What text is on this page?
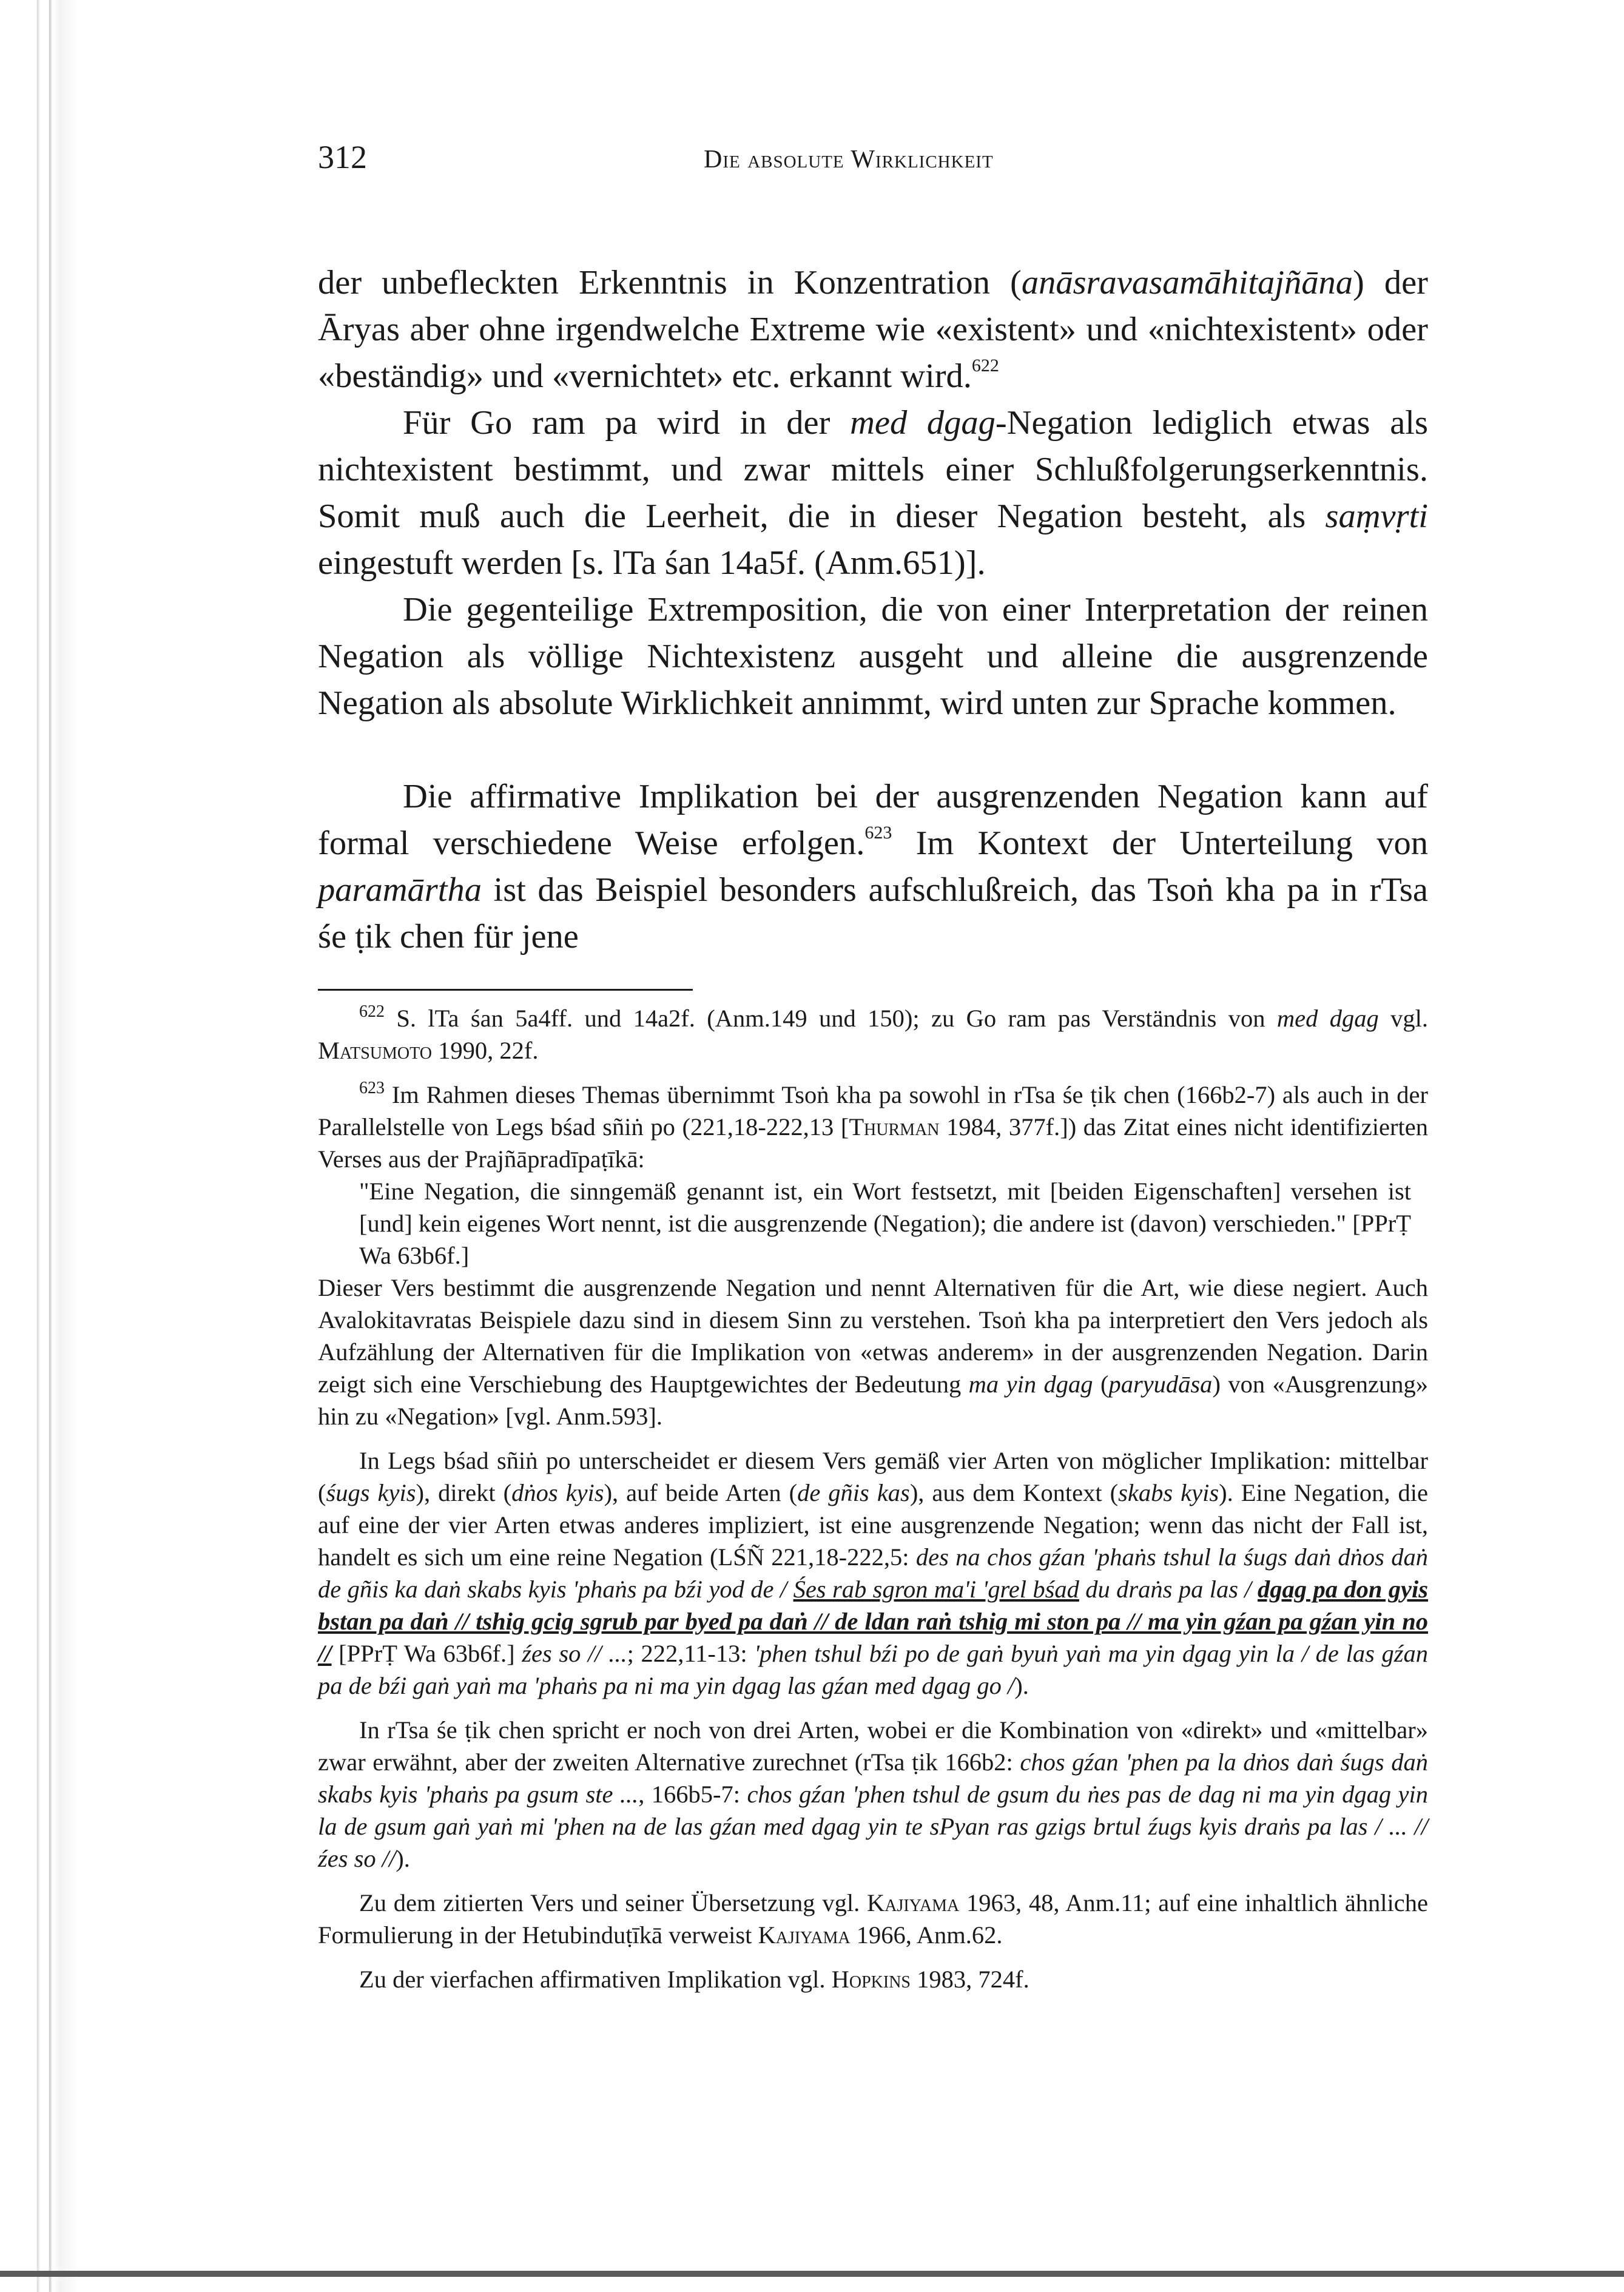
312	Die absolute Wirklichkeit

der unbefleckten Erkenntnis in Konzentration (anāsravasamāhitajñāna) der Āryas aber ohne irgendwelche Extreme wie «existent» und «nichtexistent» oder «beständig» und «vernichtet» etc. erkannt wird.$^{622}$

Für Go ram pa wird in der med dgag-Negation lediglich etwas als nichtexistent bestimmt, und zwar mittels einer Schlußfolgerungserkenntnis. Somit muß auch die Leerheit, die in dieser Negation besteht, als saṃvṛti eingestuft werden [s. lTa śan 14a5f. (Anm.651)].

Die gegenteilige Extremposition, die von einer Interpretation der reinen Negation als völlige Nichtexistenz ausgeht und alleine die ausgrenzende Negation als absolute Wirklichkeit annimmt, wird unten zur Sprache kommen.

Die affirmative Implikation bei der ausgrenzenden Negation kann auf formal verschiedene Weise erfolgen.$^{623}$ Im Kontext der Unterteilung von paramārtha ist das Beispiel besonders aufschlußreich, das Tsoṅ kha pa in rTsa śe ṭik chen für jene

$^{622}$ S. lTa śan 5a4ff. und 14a2f. (Anm.149 und 150); zu Go ram pas Verständnis von med dgag vgl. Matsumoto 1990, 22f.

$^{623}$ Im Rahmen dieses Themas übernimmt Tsoṅ kha pa sowohl in rTsa śe ṭik chen (166b2-7) als auch in der Parallelstelle von Legs bśad sñiṅ po (221,18-222,13 [Thurman 1984, 377f.]) das Zitat eines nicht identifizierten Verses aus der Prajñāpradīpaṭīkā:

"Eine Negation, die sinngemäß genannt ist, ein Wort festsetzt, mit [beiden Eigenschaften] versehen ist [und] kein eigenes Wort nennt, ist die ausgrenzende (Negation); die andere ist (davon) verschieden." [PPrṬ Wa 63b6f.]

Dieser Vers bestimmt die ausgrenzende Negation und nennt Alternativen für die Art, wie diese negiert. Auch Avalokitavratas Beispiele dazu sind in diesem Sinn zu verstehen. Tsoṅ kha pa interpretiert den Vers jedoch als Aufzählung der Alternativen für die Implikation von «etwas anderem» in der ausgrenzenden Negation. Darin zeigt sich eine Verschiebung des Hauptgewichtes der Bedeutung ma yin dgag (paryudāsa) von «Ausgrenzung» hin zu «Negation» [vgl. Anm.593].

In Legs bśad sñiṅ po unterscheidet er diesem Vers gemäß vier Arten von möglicher Implikation: mittelbar (śugs kyis), direkt (dṅos kyis), auf beide Arten (de gñis kas), aus dem Kontext (skabs kyis). Eine Negation, die auf eine der vier Arten etwas anderes impliziert, ist eine ausgrenzende Negation; wenn das nicht der Fall ist, handelt es sich um eine reine Negation (LŚÑ 221,18-222,5: des na chos gźan 'phaṅs tshul la śugs daṅ dṅos daṅ de gñis ka daṅ skabs kyis 'phaṅs pa bźi yod de / Śes rab sgron ma'i 'grel bśad du draṅs pa las / dgag pa don gyis bstan pa daṅ // tshig gcig sgrub par byed pa daṅ // de ldan raṅ tshig mi ston pa // ma yin gźan pa gźan yin no // [PPrṬ Wa 63b6f.] źes so // ...; 222,11-13: 'phen tshul bźi po de gaṅ byuṅ yaṅ ma yin dgag yin la / de las gźan pa de bźi gaṅ yaṅ ma 'phaṅs pa ni ma yin dgag las gźan med dgag go /).

In rTsa śe ṭik chen spricht er noch von drei Arten, wobei er die Kombination von «direkt» und «mittelbar» zwar erwähnt, aber der zweiten Alternative zurechnet (rTsa ṭik 166b2: chos gźan 'phen pa la dṅos daṅ śugs daṅ skabs kyis 'phaṅs pa gsum ste ..., 166b5-7: chos gźan 'phen tshul de gsum du ṅes pas de dag ni ma yin dgag yin la de gsum gaṅ yaṅ mi 'phen na de las gźan med dgag yin te sPyan ras gzigs brtul źugs kyis draṅs pa las / ... // źes so //).

Zu dem zitierten Vers und seiner Übersetzung vgl. Kajiyama 1963, 48, Anm.11; auf eine inhaltlich ähnliche Formulierung in der Hetubinduṭīkā verweist Kajiyama 1966, Anm.62.

Zu der vierfachen affirmativen Implikation vgl. Hopkins 1983, 724f.
